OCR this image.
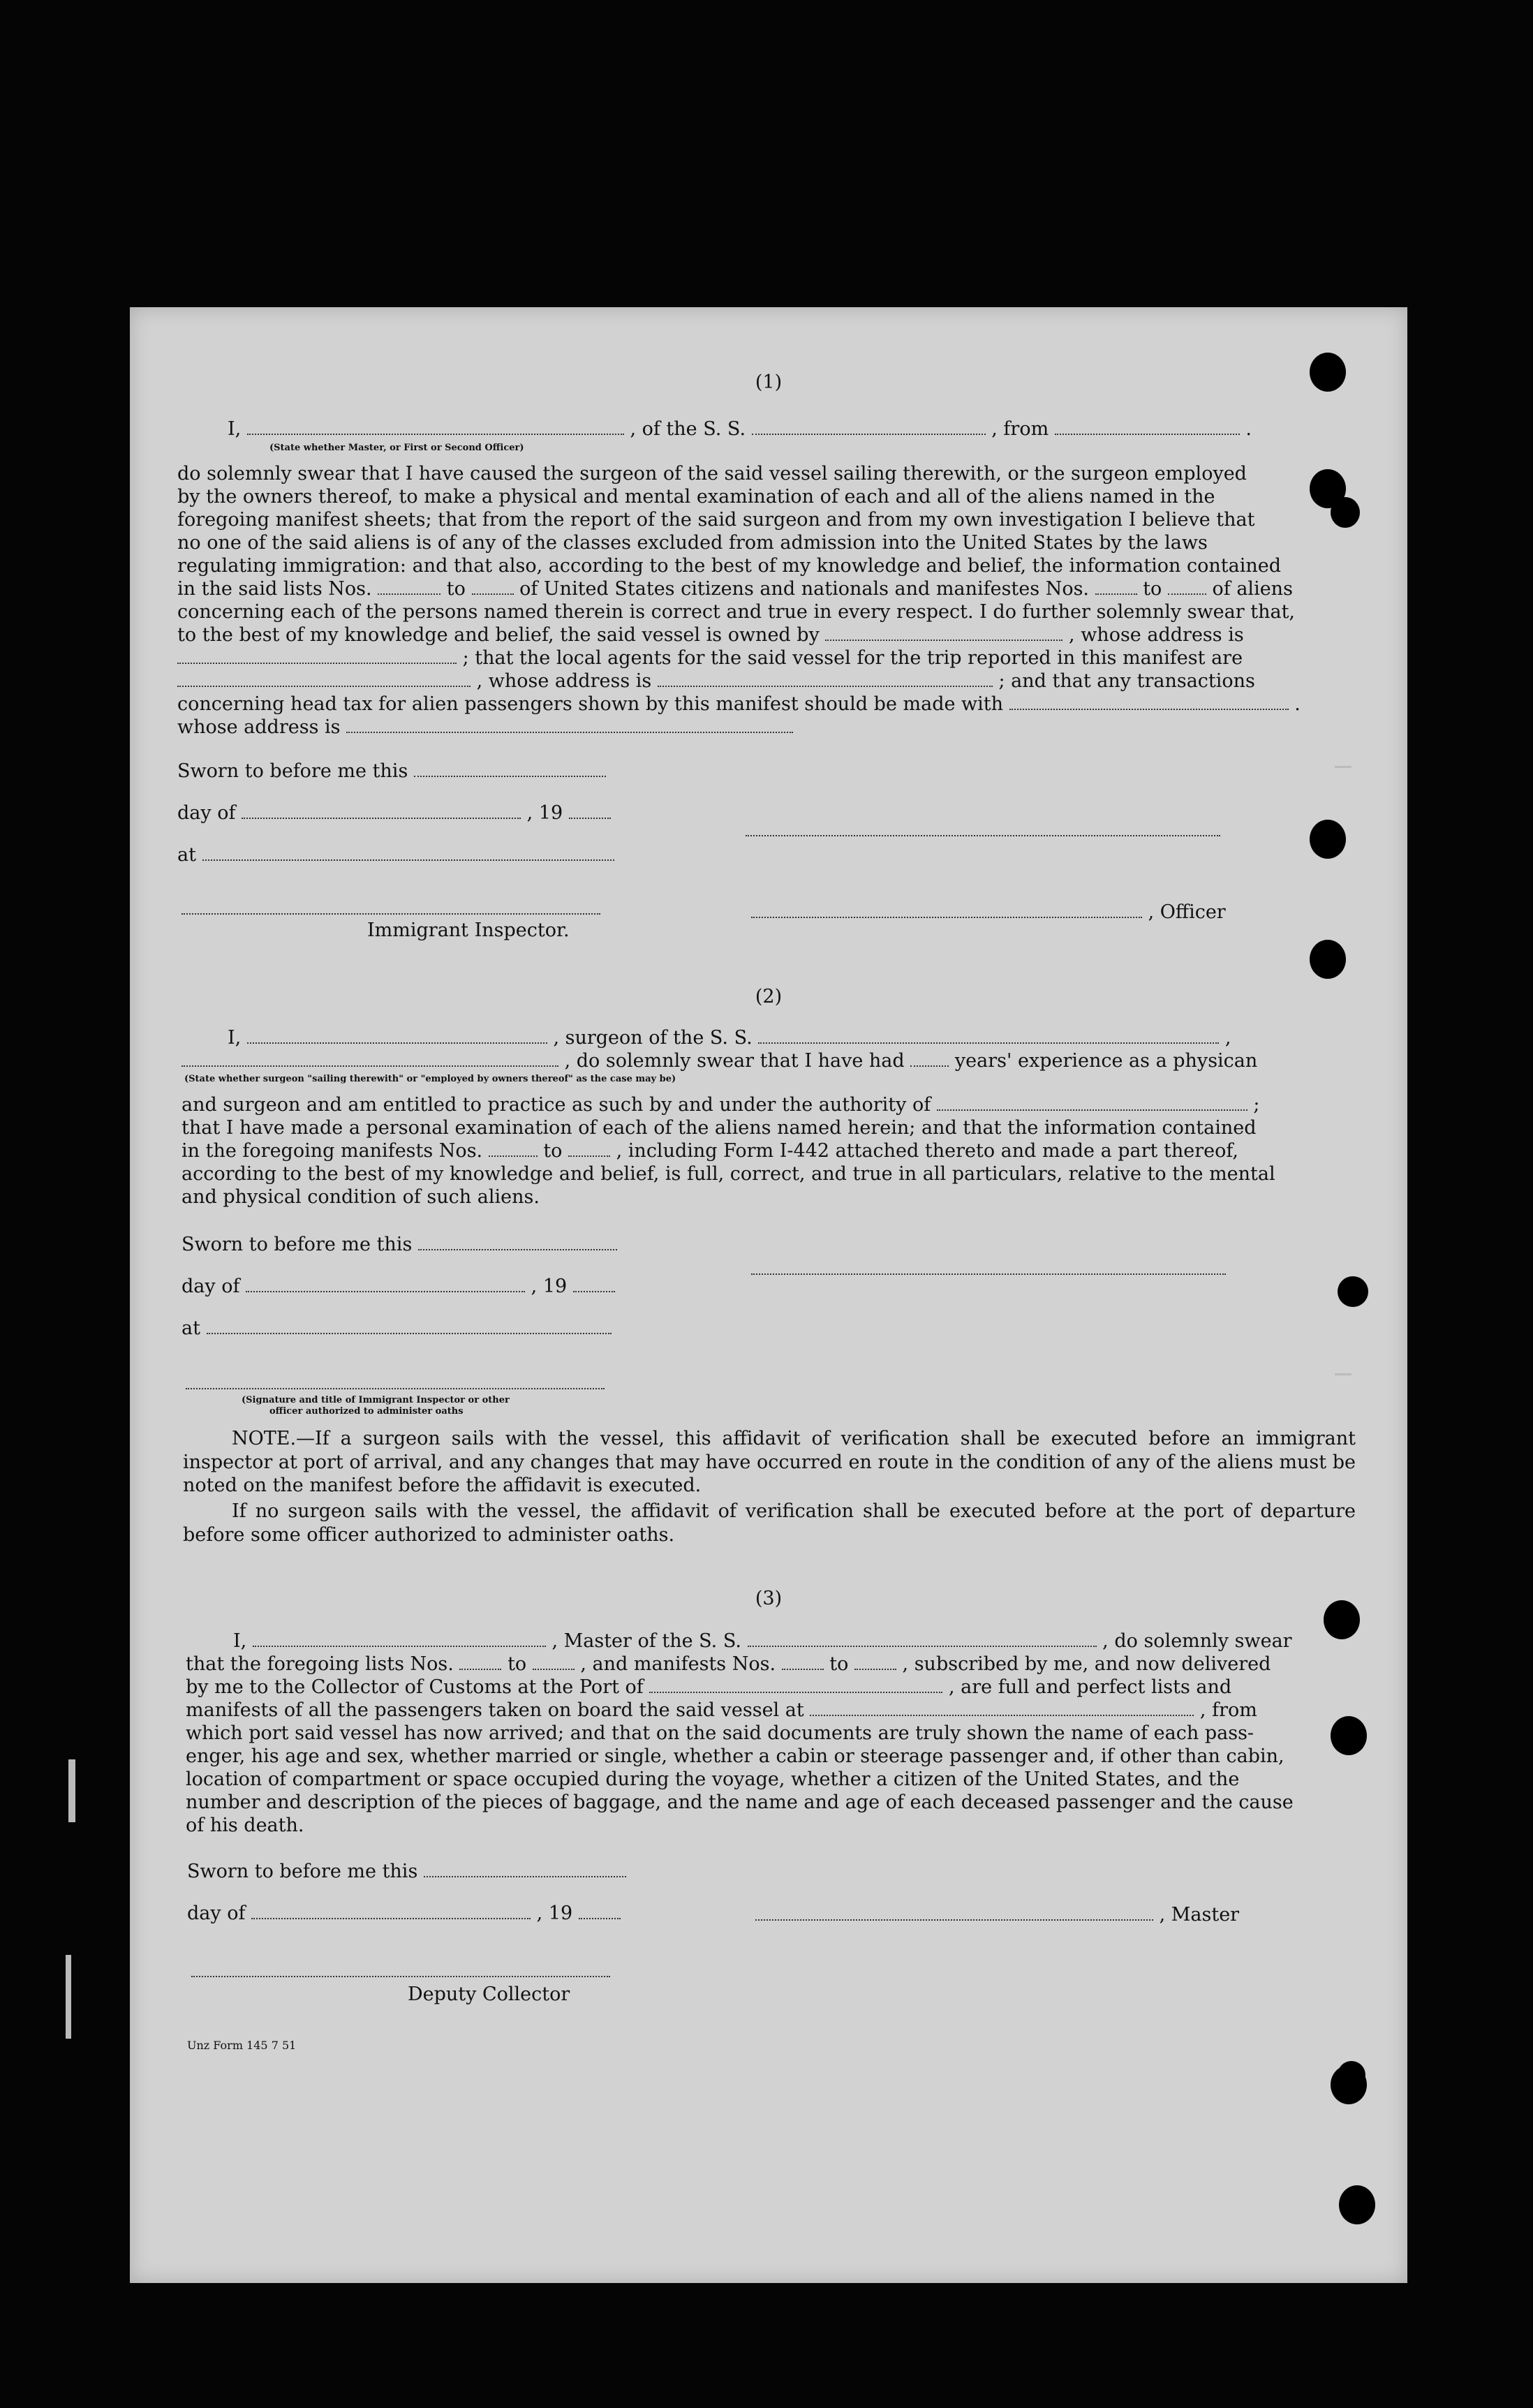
(1)
I,	, of the S. S.	, from	.
(State whether Master, or First or Second Officer)
do solemnly swear that I have caused the surgeon of the said vessel sailing therewith, or the surgeon employed
by the owners thereof, to make a physical and mental examination of each and all of the aliens named in the
foregoing manifest sheets; that from the report of the said surgeon and from my own investigation I believe that
no one of the said aliens is of any of the classes excluded from admission into the United States by the laws
regulating immigration: and that also, according to the best of my knowledge and belief, the information contained
in the said lists Nos.	to	of United States citizens and nationals and manifestes Nos.	to	of aliens
concerning each of the persons named therein is correct and true in every respect. I do further solemnly swear that,
to the best of my knowledge and belief, the said vessel is owned by	, whose address is
; that the local agents for the said vessel for the trip reported in this manifest are
, whose address is	; and that any transactions
concerning head tax for alien passengers shown by this manifest should be made with	.
whose address is
Sworn to before me this
day of	, 19
at
, Officer
Immigrant Inspector.
(2)
I,	, surgeon of the S. S.	,
, do solemnly swear that I have had	years' experience as a physican
(State whether surgeon "sailing therewith" or "employed by owners thereof" as the case may be)
and surgeon and am entitled to practice as such by and under the authority of	;
that I have made a personal examination of each of the aliens named herein; and that the information contained
in the foregoing manifests Nos.	to	, including Form I-442 attached thereto and made a part thereof,
according to the best of my knowledge and belief, is full, correct, and true in all particulars, relative to the mental
and physical condition of such aliens.
Sworn to before me this
day of	, 19
at
(Signature and title of Immigrant Inspector or other
officer authorized to administer oaths
NOTE.—If a surgeon sails with the vessel, this affidavit of verification shall be executed before an immigrant inspector at port of arrival, and any changes that may have occurred en route in the condition of any of the aliens must be noted on the manifest before the affidavit is executed.
If no surgeon sails with the vessel, the affidavit of verification shall be executed before at the port of departure before some officer authorized to administer oaths.
(3)
I,	, Master of the S. S.	, do solemnly swear
that the foregoing lists Nos.	to	, and manifests Nos.	to	, subscribed by me, and now delivered
by me to the Collector of Customs at the Port of	, are full and perfect lists and
manifests of all the passengers taken on board the said vessel at	, from
which port said vessel has now arrived; and that on the said documents are truly shown the name of each pass-
enger, his age and sex, whether married or single, whether a cabin or steerage passenger and, if other than cabin,
location of compartment or space occupied during the voyage, whether a citizen of the United States, and the
number and description of the pieces of baggage, and the name and age of each deceased passenger and the cause
of his death.
Sworn to before me this
day of	, 19	, Master
Deputy Collector
Unz Form 145 7 51
